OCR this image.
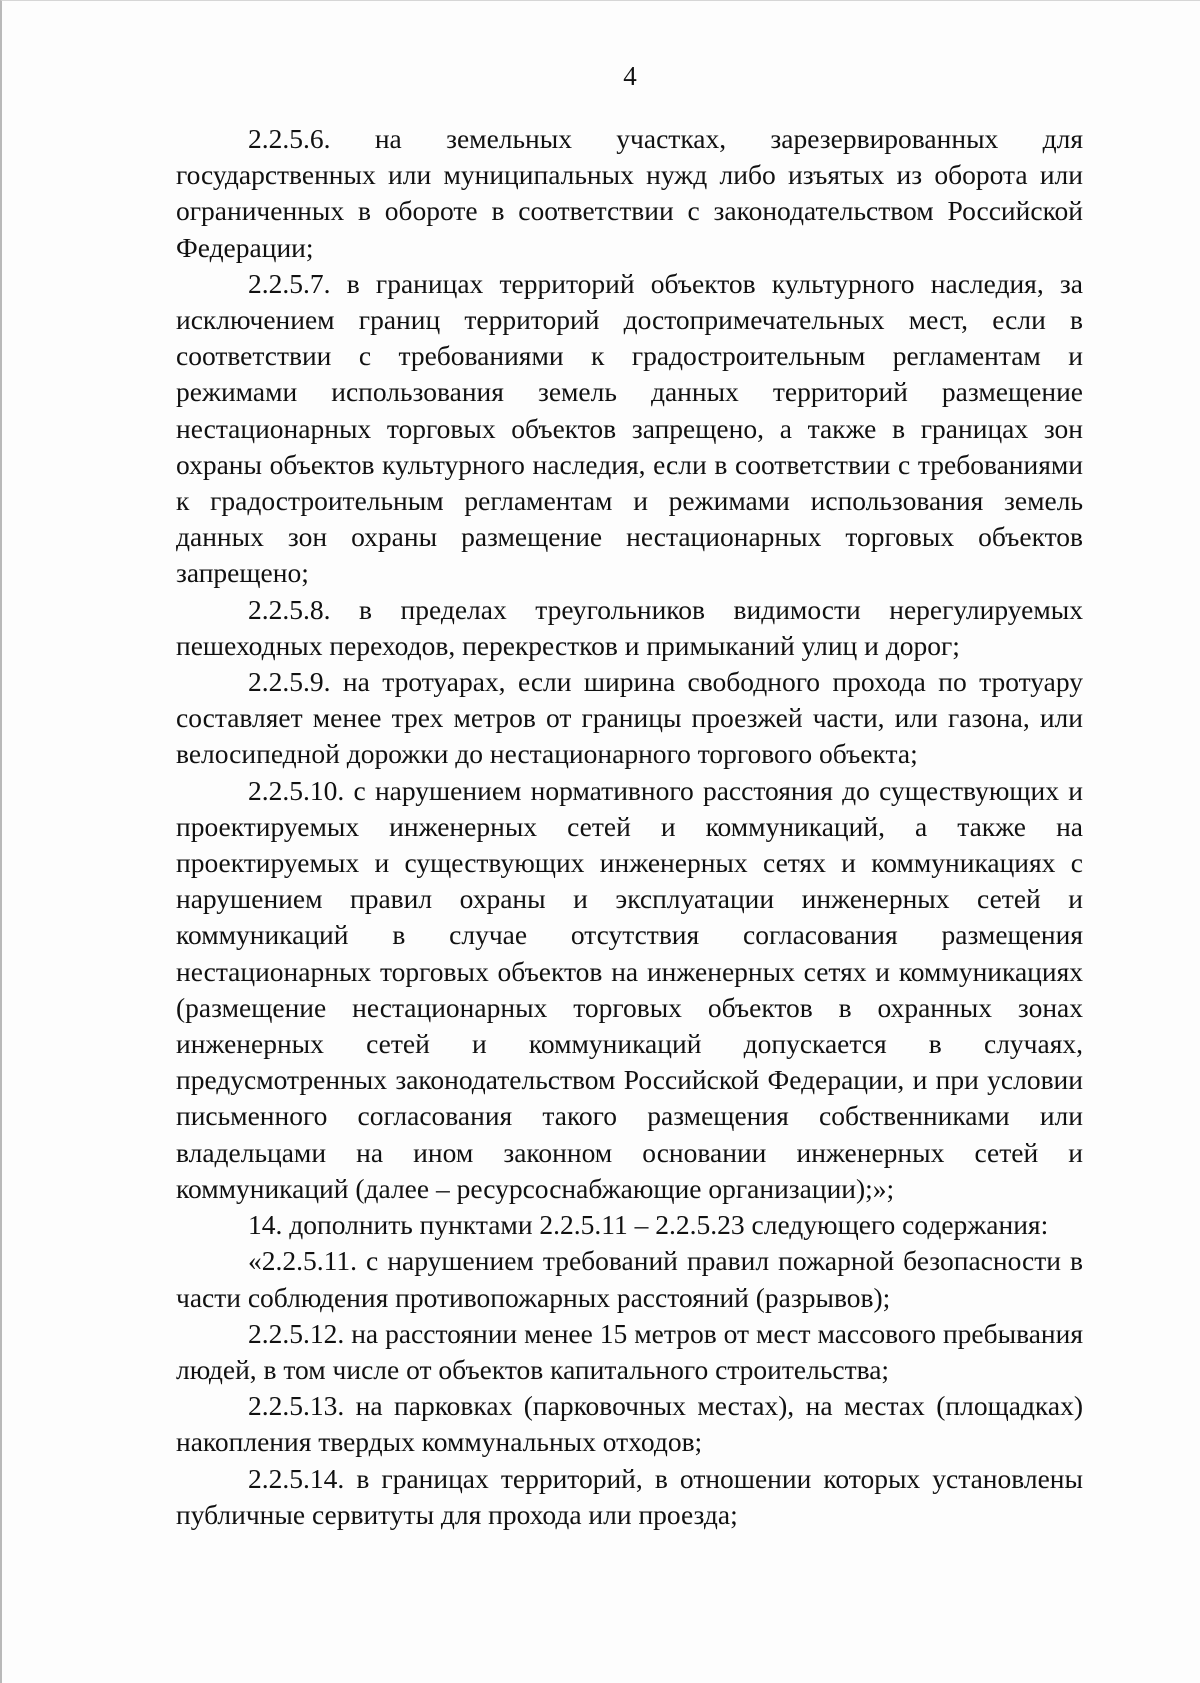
4

2.2.5.6. на земельных участках, зарезервированных для государственных или муниципальных нужд либо изъятых из оборота или ограниченных в обороте в соответствии с законодательством Российской Федерации;

2.2.5.7. в границах территорий объектов культурного наследия, за исключением границ территорий достопримечательных мест, если в соответствии с требованиями к градостроительным регламентам и режимами использования земель данных территорий размещение нестационарных торговых объектов запрещено, а также в границах зон охраны объектов культурного наследия, если в соответствии с требованиями к градостроительным регламентам и режимами использования земель данных зон охраны размещение нестационарных торговых объектов запрещено;

2.2.5.8. в пределах треугольников видимости нерегулируемых пешеходных переходов, перекрестков и примыканий улиц и дорог;

2.2.5.9. на тротуарах, если ширина свободного прохода по тротуару составляет менее трех метров от границы проезжей части, или газона, или велосипедной дорожки до нестационарного торгового объекта;

2.2.5.10. с нарушением нормативного расстояния до существующих и проектируемых инженерных сетей и коммуникаций, а также на проектируемых и существующих инженерных сетях и коммуникациях с нарушением правил охраны и эксплуатации инженерных сетей и коммуникаций в случае отсутствия согласования размещения нестационарных торговых объектов на инженерных сетях и коммуникациях (размещение нестационарных торговых объектов в охранных зонах инженерных сетей и коммуникаций допускается в случаях, предусмотренных законодательством Российской Федерации, и при условии письменного согласования такого размещения собственниками или владельцами на ином законном основании инженерных сетей и коммуникаций (далее – ресурсоснабжающие организации);»;

14. дополнить пунктами 2.2.5.11 – 2.2.5.23 следующего содержания:

«2.2.5.11. с нарушением требований правил пожарной безопасности в части соблюдения противопожарных расстояний (разрывов);

2.2.5.12. на расстоянии менее 15 метров от мест массового пребывания людей, в том числе от объектов капитального строительства;

2.2.5.13. на парковках (парковочных местах), на местах (площадках) накопления твердых коммунальных отходов;

2.2.5.14. в границах территорий, в отношении которых установлены публичные сервитуты для прохода или проезда;
